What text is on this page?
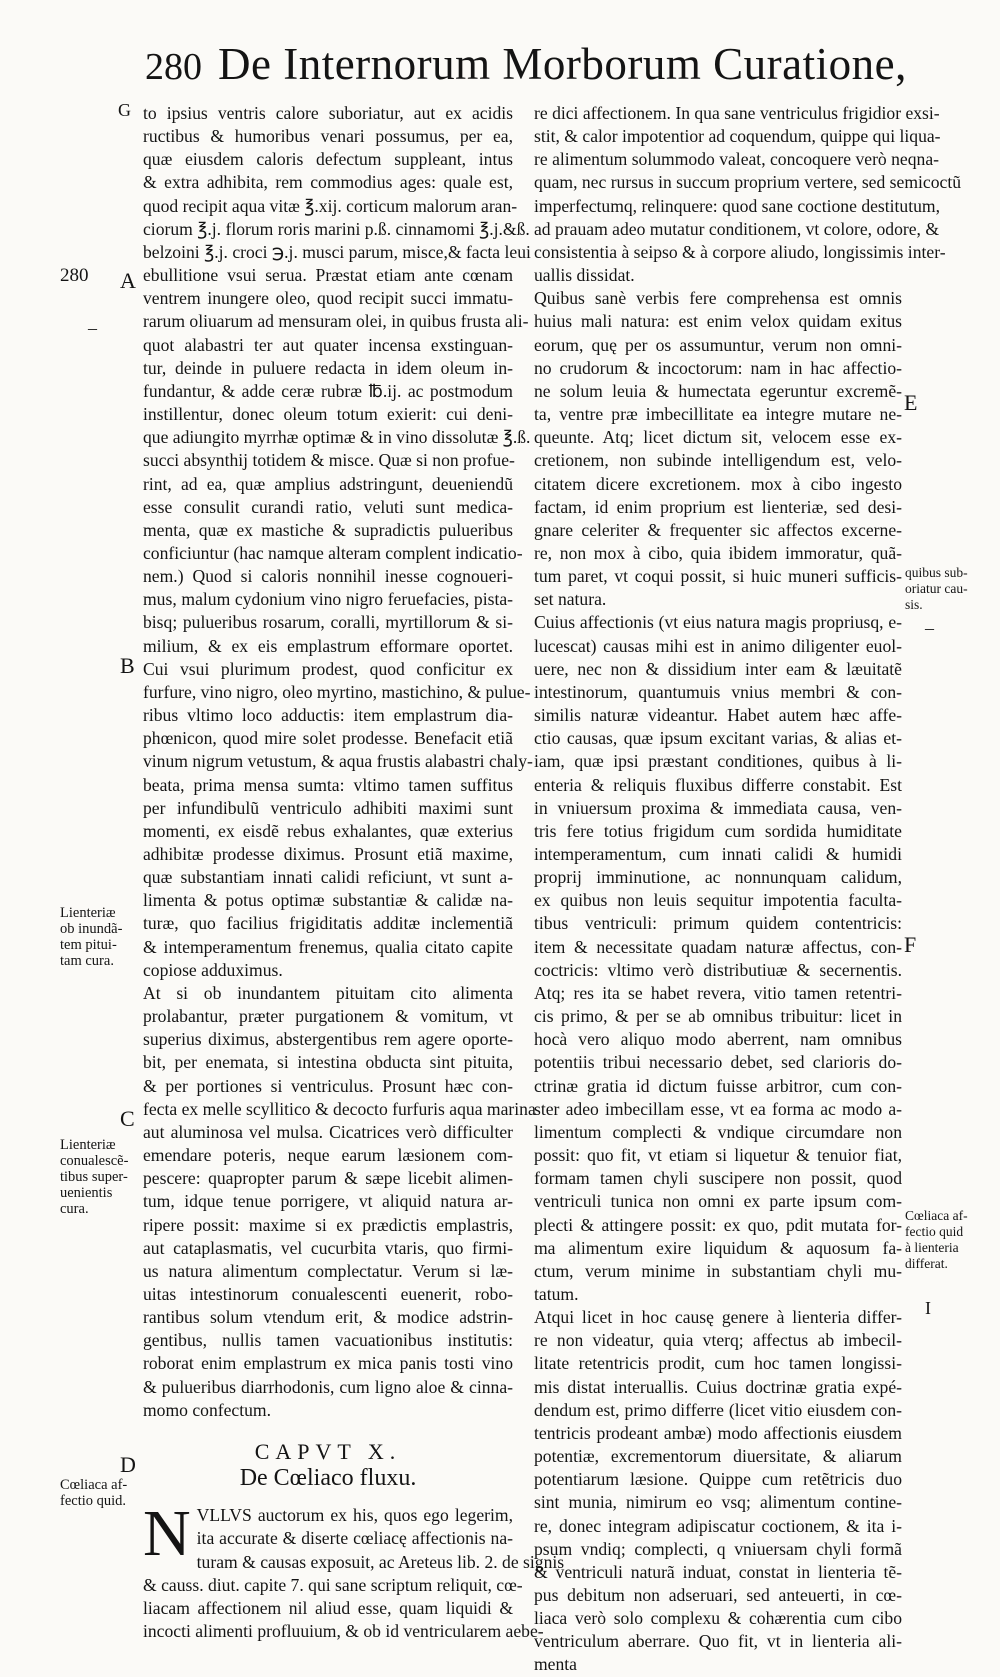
280 De Internorum Morborum Curatione,

to ipsius ventris calore suboriatur, aut ex acidis
ructibus & humoribus venari possumus, per ea,
quæ eiusdem caloris defectum suppleant, intus
& extra adhibita, rem commodius ages: quale est,
quod recipit aqua vitæ ℥.xij. corticum malorum aran-
ciorum ℥.j. florum roris marini p.ß. cinnamomi ℥.j.&ß.
belzoini ℥.j. croci ℈.j. musci parum, misce,& facta leui
ebullitione vsui serua. Præstat etiam ante cœnam
ventrem inungere oleo, quod recipit succi immatu-
rarum oliuarum ad mensuram olei, in quibus frusta ali-
quot alabastri ter aut quater incensa exstinguan-
tur, deinde in puluere redacta in idem oleum in-
fundantur, & adde ceræ rubræ ℔.ij. ac postmodum
instillentur, donec oleum totum exierit: cui deni-
que adiungito myrrhæ optimæ & in vino dissolutæ ℥.ß.
succi absynthij totidem & misce. Quæ si non profue-
rint, ad ea, quæ amplius adstringunt, deueniendũ
esse consulit curandi ratio, veluti sunt medica-
menta, quæ ex mastiche & supradictis pulueribus
conficiuntur (hac namque alteram complent indicatio-
nem.) Quod si caloris nonnihil inesse cognoueri-
mus, malum cydonium vino nigro feruefacies, pista-
bisq; pulueribus rosarum, coralli, myrtillorum & si-
milium, & ex eis emplastrum efformare oportet.
Cui vsui plurimum prodest, quod conficitur ex
furfure, vino nigro, oleo myrtino, mastichino, & pulue-
ribus vltimo loco adductis: item emplastrum dia-
phœnicon, quod mire solet prodesse. Benefacit etiã
vinum nigrum vetustum, & aqua frustis alabastri chaly-
beata, prima mensa sumta: vltimo tamen suffitus
per infundibulũ ventriculo adhibiti maximi sunt
momenti, ex eisdẽ rebus exhalantes, quæ exterius
adhibitæ prodesse diximus. Prosunt etiã maxime,
quæ substantiam innati calidi reficiunt, vt sunt a-
limenta & potus optimæ substantiæ & calidæ na-
turæ, quo facilius frigiditatis additæ inclementiã
& intemperamentum frenemus, qualia citato capite
copiose adduximus.

At si ob inundantem pituitam cito alimenta
prolabantur, præter purgationem & vomitum, vt
superius diximus, abstergentibus rem agere oporte-
bit, per enemata, si intestina obducta sint pituita,
& per portiones si ventriculus. Prosunt hæc con-
fecta ex melle scyllitico & decocto furfuris aqua marina
aut aluminosa vel mulsa. Cicatrices verò difficulter
emendare poteris, neque earum læsionem com-
pescere: quapropter parum & sæpe licebit alimen-
tum, idque tenue porrigere, vt aliquid natura ar-
ripere possit: maxime si ex prædictis emplastris,
aut cataplasmatis, vel cucurbita vtaris, quo firmi-
us natura alimentum complectatur. Verum si læ-
uitas intestinorum conualescenti euenerit, robo-
rantibus solum vtendum erit, & modice adstrin-
gentibus, nullis tamen vacuationibus institutis:
roborat enim emplastrum ex mica panis tosti vino
& pulueribus diarrhodonis, cum ligno aloe & cinna-
momo confectum.

CAPVT X.
De Cœliaco fluxu.
N VLLVS auctorum ex his, quos ego legerim,
ita accurate & diserte cœliacę affectionis na-
turam & causas exposuit, ac Areteus lib. 2. de signis
& causs. diut. capite 7. qui sane scriptum reliquit, cœ-
liacam affectionem nil aliud esse, quam liquidi &
incocti alimenti profluuium, & ob id ventricularem aebe-

re dici affectionem. In qua sane ventriculus frigidior exsi-
stit, & calor impotentior ad coquendum, quippe qui liqua-
re alimentum solummodo valeat, concoquere verò neqna-
quam, nec rursus in succum proprium vertere, sed semicoctũ
imperfectumq, relinquere: quod sane coctione destitutum,
ad prauam adeo mutatur conditionem, vt colore, odore, &
consistentia à seipso & à corpore aliudo, longissimis inter-
uallis dissidat.

Quibus sanè verbis fere comprehensa est omnis
huius mali natura: est enim velox quidam exitus
eorum, quę per os assumuntur, verum non omni-
no crudorum & incoctorum: nam in hac affectio-
ne solum leuia & humectata egeruntur excremẽ-
ta, ventre præ imbecillitate ea integre mutare ne-
queunte. Atq; licet dictum sit, velocem esse ex-
cretionem, non subinde intelligendum est, velo-
citatem dicere excretionem. mox à cibo ingesto
factam, id enim proprium est lienteriæ, sed desi-
gnare celeriter & frequenter sic affectos excerne-
re, non mox à cibo, quia ibidem immoratur, quã-
tum paret, vt coqui possit, si huic muneri sufficis-
set natura.

Cuius affectionis (vt eius natura magis propriusq, e-
lucescat) causas mihi est in animo diligenter euol-
uere, nec non & dissidium inter eam & læuitatẽ
intestinorum, quantumuis vnius membri & con-
similis naturæ videantur. Habet autem hæc affe-
ctio causas, quæ ipsum excitant varias, & alias et-
iam, quæ ipsi præstant conditiones, quibus à li-
enteria & reliquis fluxibus differre constabit. Est
in vniuersum proxima & immediata causa, ven-
tris fere totius frigidum cum sordida humiditate
intemperamentum, cum innati calidi & humidi
proprij imminutione, ac nonnunquam calidum,
ex quibus non leuis sequitur impotentia faculta-
tibus ventriculi: primum quidem contentricis:
item & necessitate quadam naturæ affectus, con-
coctricis: vltimo verò distributiuæ & secernentis.
Atq; res ita se habet revera, vitio tamen retentri-
cis primo, & per se ab omnibus tribuitur: licet in
hocà vero aliquo modo aberrent, nam omnibus
potentiis tribui necessario debet, sed clarioris do-
ctrinæ gratia id dictum fuisse arbitror, cum con-
ster adeo imbecillam esse, vt ea forma ac modo a-
limentum complecti & vndique circumdare non
possit: quo fit, vt etiam si liquetur & tenuior fiat,
formam tamen chyli suscipere non possit, quod
ventriculi tunica non omni ex parte ipsum com-
plecti & attingere possit: ex quo, pdit mutata for-
ma alimentum exire liquidum & aquosum fa-
ctum, verum minime in substantiam chyli mu-
tatum.

Atqui licet in hoc causę genere à lienteria differ-
re non videatur, quia vterq; affectus ab imbecil-
litate retentricis prodit, cum hoc tamen longissi-
mis distat interuallis. Cuius doctrinæ gratia expé-
dendum est, primo differre (licet vitio eiusdem con-
tentricis prodeant ambæ) modo affectionis eiusdem
potentiæ, excrementorum diuersitate, & aliarum
potentiarum læsione. Quippe cum retẽtricis duo
sint munia, nimirum eo vsq; alimentum contine-
re, donec integram adipiscatur coctionem, & ita i-
psum vndiq; complecti, q vniuersam chyli formã
& ventriculi naturã induat, constat in lienteria tẽ-
pus debitum non adseruari, sed anteuerti, in cœ-
liaca verò solo complexu & cohærentia cum cibo
ventriculum aberrare. Quo fit, vt in lienteria ali-
menta

280
Lienteriæ
ob inundã-
tem pitui-
tam cura.
Lienteriæ
conualescẽ-
tibus super-
uenientis
cura.
Cœliaca af-
fectio quid.
quibus sub-
oriatur cau-
sis.
Cœliaca af-
fectio quid
à lienteria
differat.
G
A
B
C
D
E
F
I
–
–
